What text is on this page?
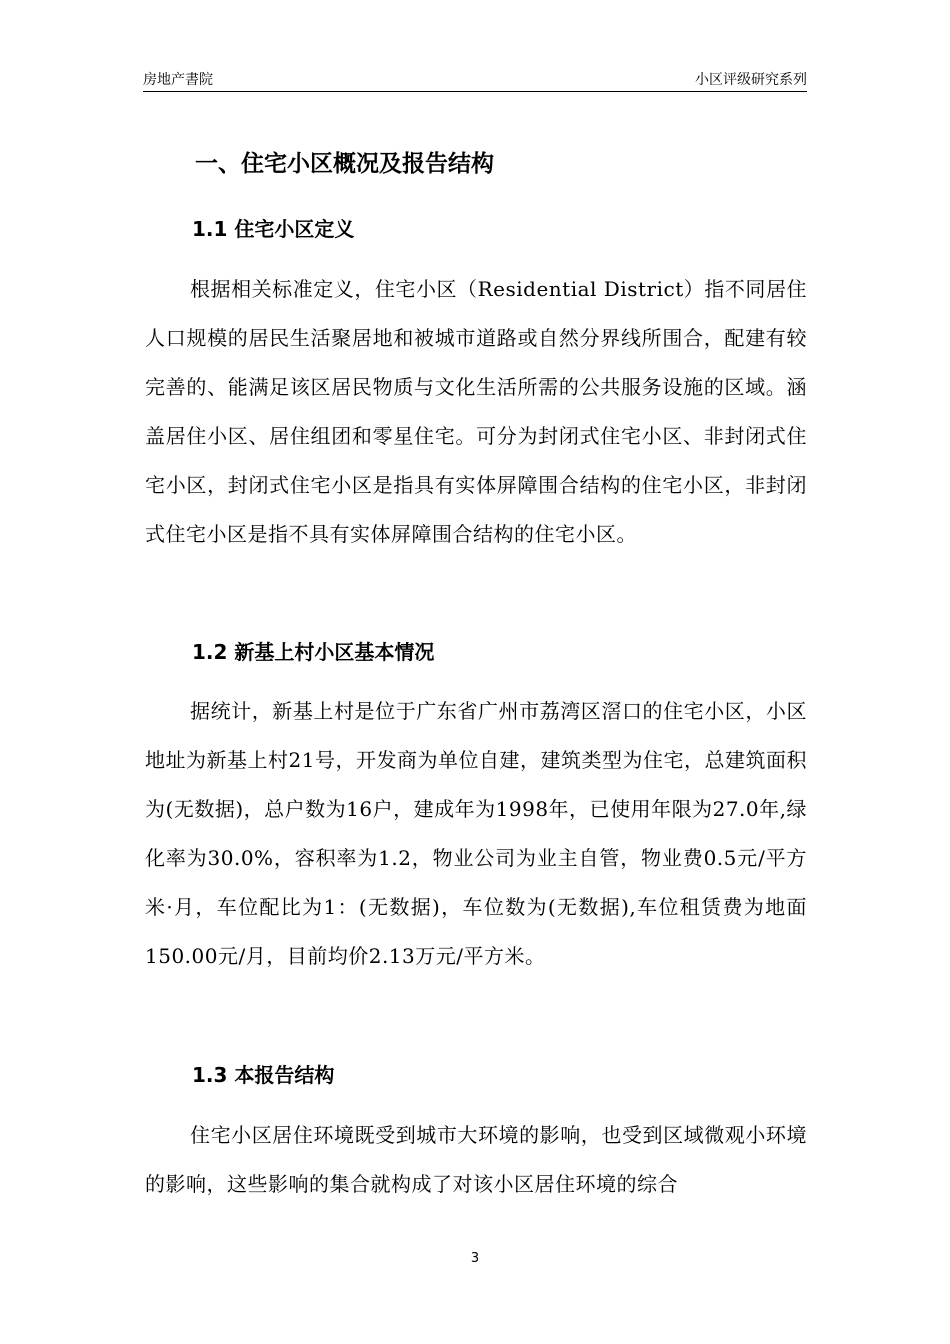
房地产書院	小区评级研究系列
一、住宅小区概况及报告结构
1.1 住宅小区定义
根据相关标准定义，住宅小区（Residential District）指不同居住人口规模的居民生活聚居地和被城市道路或自然分界线所围合，配建有较完善的、能满足该区居民物质与文化生活所需的公共服务设施的区域。涵盖居住小区、居住组团和零星住宅。可分为封闭式住宅小区、非封闭式住宅小区，封闭式住宅小区是指具有实体屏障围合结构的住宅小区，非封闭式住宅小区是指不具有实体屏障围合结构的住宅小区。
1.2 新基上村小区基本情况
据统计，新基上村是位于广东省广州市荔湾区滘口的住宅小区，小区地址为新基上村21号，开发商为单位自建，建筑类型为住宅，总建筑面积为(无数据)，总户数为16户，建成年为1998年，已使用年限为27.0年,绿化率为30.0%，容积率为1.2，物业公司为业主自管，物业费0.5元/平方米·月，车位配比为1：(无数据)，车位数为(无数据),车位租赁费为地面150.00元/月，目前均价2.13万元/平方米。
1.3 本报告结构
住宅小区居住环境既受到城市大环境的影响，也受到区域微观小环境的影响，这些影响的集合就构成了对该小区居住环境的综合
3
